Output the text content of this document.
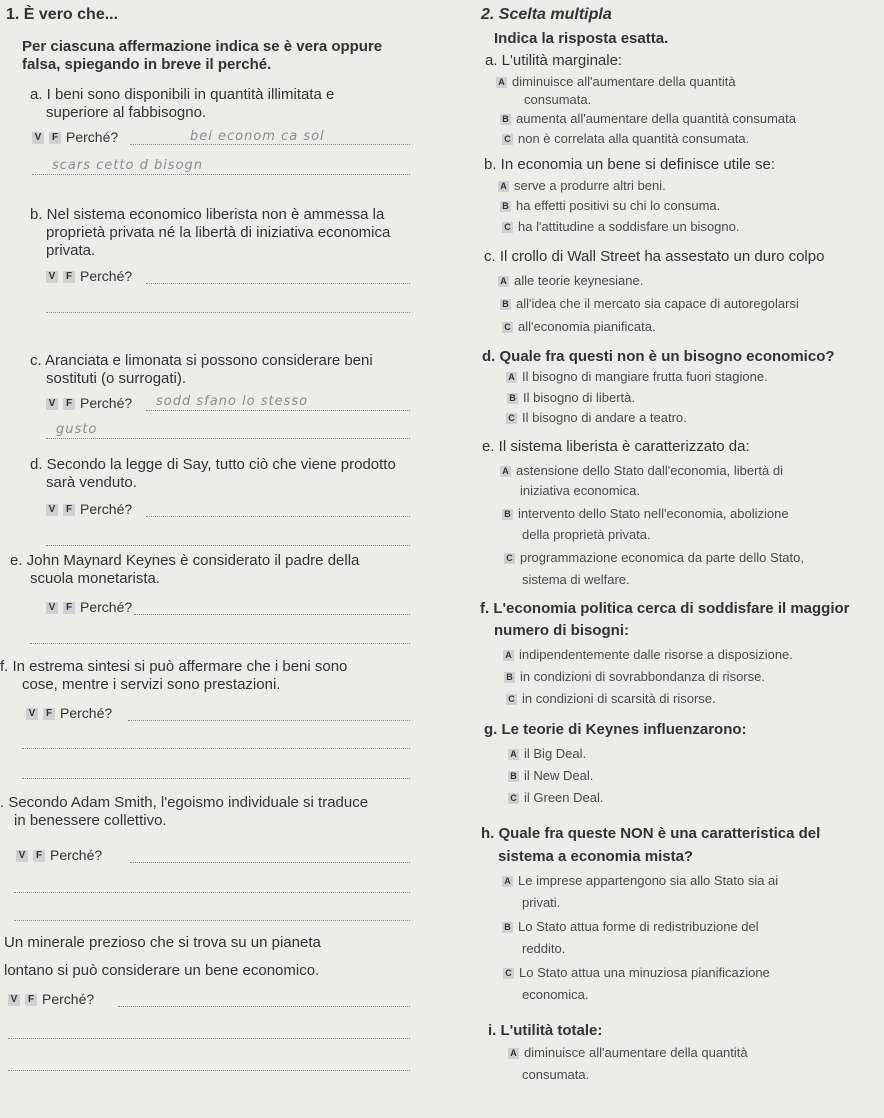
1. È vero che...
Per ciascuna affermazione indica se è vera oppure
falsa, spiegando in breve il perché.
a. I beni sono disponibili in quantità illimitata e
superiore al fabbisogno.
V F Perché?	bei econom ca sol
scars cetto d bisogn
b. Nel sistema economico liberista non è ammessa la
proprietà privata né la libertà di iniziativa economica
privata.
V F Perché?
c. Aranciata e limonata si possono considerare beni
sostituti (o surrogati).
V F Perché? sodd sfano lo stesso
gusto
d. Secondo la legge di Say, tutto ciò che viene prodotto
sarà venduto.
V F Perché?
e. John Maynard Keynes è considerato il padre della
scuola monetarista.
V F Perché?
f. In estrema sintesi si può affermare che i beni sono
cose, mentre i servizi sono prestazioni.
V F Perché?
. Secondo Adam Smith, l'egoismo individuale si traduce
in benessere collettivo.
V F Perché?
Un minerale prezioso che si trova su un pianeta
lontano si può considerare un bene economico.
V F Perché?
2. Scelta multipla
Indica la risposta esatta.
a. L'utilità marginale:
A diminuisce all'aumentare della quantità
consumata.
B aumenta all'aumentare della quantità consumata
C non è correlata alla quantità consumata.
b. In economia un bene si definisce utile se:
A serve a produrre altri beni.
B ha effetti positivi su chi lo consuma.
C ha l'attitudine a soddisfare un bisogno.
c. Il crollo di Wall Street ha assestato un duro colpo
A alle teorie keynesiane.
B all'idea che il mercato sia capace di autoregolarsi
C all'economia pianificata.
d. Quale fra questi non è un bisogno economico?
A Il bisogno di mangiare frutta fuori stagione.
B Il bisogno di libertà.
C Il bisogno di andare a teatro.
e. Il sistema liberista è caratterizzato da:
A astensione dello Stato dall'economia, libertà di
iniziativa economica.
B intervento dello Stato nell'economia, abolizione
della proprietà privata.
C programmazione economica da parte dello Stato,
sistema di welfare.
f. L'economia politica cerca di soddisfare il maggior
numero di bisogni:
A indipendentemente dalle risorse a disposizione.
B in condizioni di sovrabbondanza di risorse.
C in condizioni di scarsità di risorse.
g. Le teorie di Keynes influenzarono:
A il Big Deal.
B il New Deal.
C il Green Deal.
h. Quale fra queste NON è una caratteristica del
sistema a economia mista?
A Le imprese appartengono sia allo Stato sia ai
privati.
B Lo Stato attua forme di redistribuzione del
reddito.
C Lo Stato attua una minuziosa pianificazione
economica.
i. L'utilità totale:
A diminuisce all'aumentare della quantità
consumata.
